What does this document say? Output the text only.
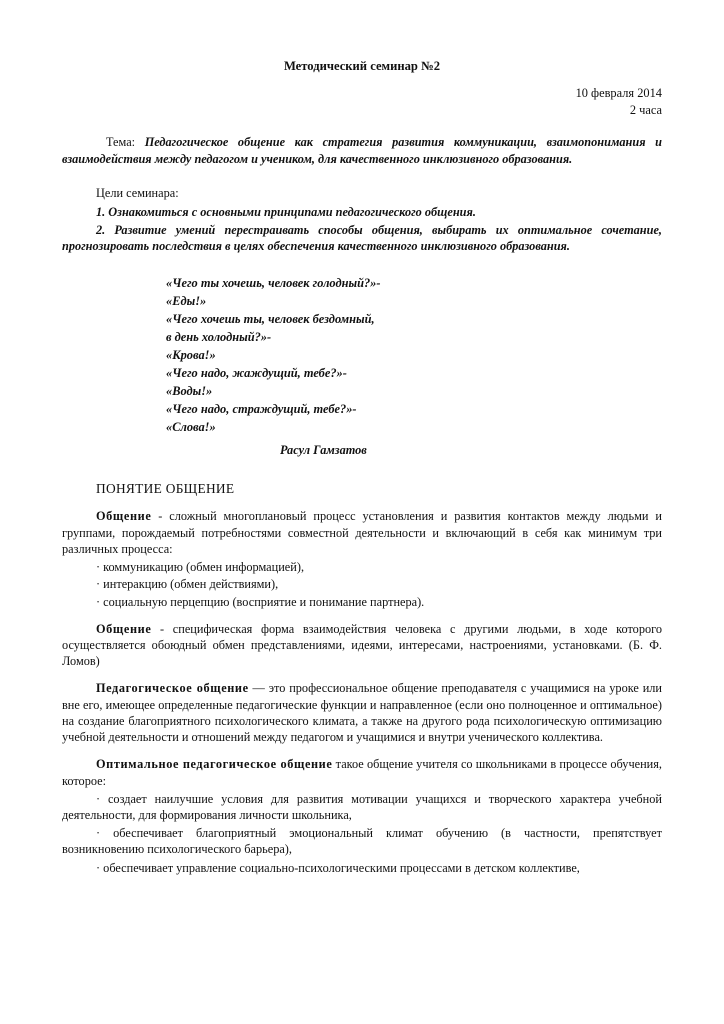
Методический семинар №2

10 февраля 2014

2 часа

Тема: Педагогическое общение как стратегия развития коммуникации, взаимопонимания и взаимодействия между педагогом и учеником, для качественного инклюзивного образования.

Цели семинара:

1. Ознакомиться с основными принципами педагогического общения.

2. Развитие умений перестраивать способы общения, выбирать их оптимальное сочетание, прогнозировать последствия в целях обеспечения качественного инклюзивного образования.

«Чего ты хочешь, человек голодный?»-
«Еды!»
«Чего хочешь ты, человек бездомный,
в день холодный?»-
«Крова!»
«Чего надо, жаждущий, тебе?»-
«Воды!»
«Чего надо, страждущий, тебе?»-
«Слова!»

Расул Гамзатов

ПОНЯТИЕ ОБЩЕНИЕ

Общение - сложный многоплановый процесс установления и развития контактов между людьми и группами, порождаемый потребностями совместной деятельности и включающий в себя как минимум три различных процесса:

· коммуникацию (обмен информацией),

· интеракцию (обмен действиями),

· социальную перцепцию (восприятие и понимание партнера).

Общение - специфическая форма взаимодействия человека с другими людьми, в ходе которого осуществляется обоюдный обмен представлениями, идеями, интересами, настроениями, установками. (Б. Ф. Ломов)

Педагогическое общение — это профессиональное общение преподавателя с учащимися на уроке или вне его, имеющее определенные педагогические функции и направленное (если оно полноценное и оптимальное) на создание благоприятного психологического климата, а также на другого рода психологическую оптимизацию учебной деятельности и отношений между педагогом и учащимися и внутри ученического коллектива.

Оптимальное педагогическое общение такое общение учителя со школьниками в процессе обучения, которое:

· создает наилучшие условия для развития мотивации учащихся и творческого характера учебной деятельности, для формирования личности школьника,

· обеспечивает благоприятный эмоциональный климат обучению (в частности, препятствует возникновению психологического барьера),

· обеспечивает управление социально-психологическими процессами в детском коллективе,
